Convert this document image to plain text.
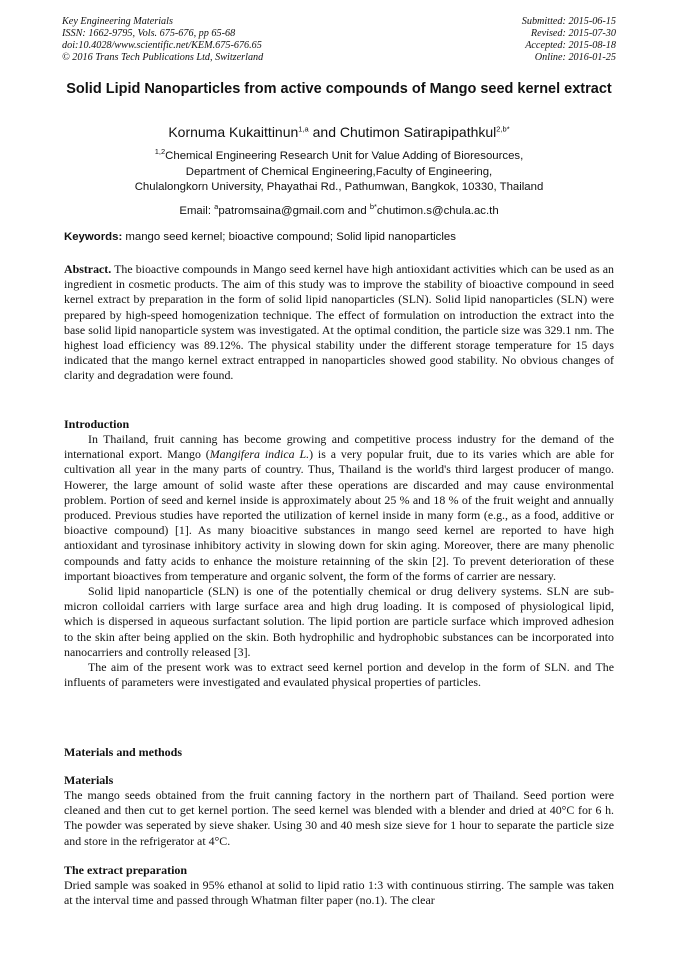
Key Engineering Materials
ISSN: 1662-9795, Vols. 675-676, pp 65-68
doi:10.4028/www.scientific.net/KEM.675-676.65
© 2016 Trans Tech Publications Ltd, Switzerland
Submitted: 2015-06-15
Revised: 2015-07-30
Accepted: 2015-08-18
Online: 2016-01-25
Solid Lipid Nanoparticles from active compounds of Mango seed kernel extract
Kornuma Kukaittinun$^{1,a}$ and Chutimon Satirapipathkul$^{2,b*}$
$^{1,2}$Chemical Engineering Research Unit for Value Adding of Bioresources,
Department of Chemical Engineering,Faculty of Engineering,
Chulalongkorn University, Phayathai Rd., Pathumwan, Bangkok, 10330, Thailand
Email: $^a$patromsaina@gmail.com and $^{b*}$chutimon.s@chula.ac.th
Keywords: mango seed kernel; bioactive compound; Solid lipid nanoparticles

Abstract. The bioactive compounds in Mango seed kernel have high antioxidant activities which can be used as an ingredient in cosmetic products. The aim of this study was to improve the stability of bioactive compound in seed kernel extract by preparation in the form of solid lipid nanoparticles (SLN). Solid lipid nanoparticles (SLN) were prepared by high-speed homogenization technique. The effect of formulation on introduction the extract into the base solid lipid nanoparticle system was investigated. At the optimal condition, the particle size was 329.1 nm. The highest load efficiency was 89.12%. The physical stability under the different storage temperature for 15 days indicated that the mango kernel extract entrapped in nanoparticles showed good stability. No obvious changes of clarity and degradation were found.

Introduction

In Thailand, fruit canning has become growing and competitive process industry for the demand of the international export. Mango (Mangifera indica L.) is a very popular fruit, due to its varies which are able for cultivation all year in the many parts of country. Thus, Thailand is the world's third largest producer of mango. Howerer, the large amount of solid waste after these operations are discarded and may cause environmental problem. Portion of seed and kernel inside is approximately about 25 % and 18 % of the fruit weight and annually produced. Previous studies have reported the utilization of kernel inside in many form (e.g., as a food, additive or bioactive compound) [1]. As many bioacitive substances in mango seed kernel are reported to have high antioxidant and tyrosinase inhibitory activity in slowing down for skin aging. Moreover, there are many phenolic compounds and fatty acids to enhance the moisture retainning of the skin [2]. To prevent deterioration of these important bioactives from temperature and organic solvent, the form of the forms of carrier are nessary.

Solid lipid nanoparticle (SLN) is one of the potentially chemical or drug delivery systems. SLN are sub-micron colloidal carriers with large surface area and high drug loading. It is composed of physiological lipid, which is dispersed in aqueous surfactant solution. The lipid portion are particle surface which improved adhesion to the skin after being applied on the skin. Both hydrophilic and hydrophobic substances can be incorporated into nanocarriers and controlly released [3].

The aim of the present work was to extract seed kernel portion and develop in the form of SLN. and The influents of parameters were investigated and evaulated physical properties of particles.

Materials and methods
Materials
The mango seeds obtained from the fruit canning factory in the northern part of Thailand. Seed portion were cleaned and then cut to get kernel portion. The seed kernel was blended with a blender and dried at 40°C for 6 h. The powder was seperated by sieve shaker. Using 30 and 40 mesh size sieve for 1 hour to separate the particle size and store in the refrigerator at 4°C.
The extract preparation
Dried sample was soaked in 95% ethanol at solid to lipid ratio 1:3 with continuous stirring. The sample was taken at the interval time and passed through Whatman filter paper (no.1). The clear
